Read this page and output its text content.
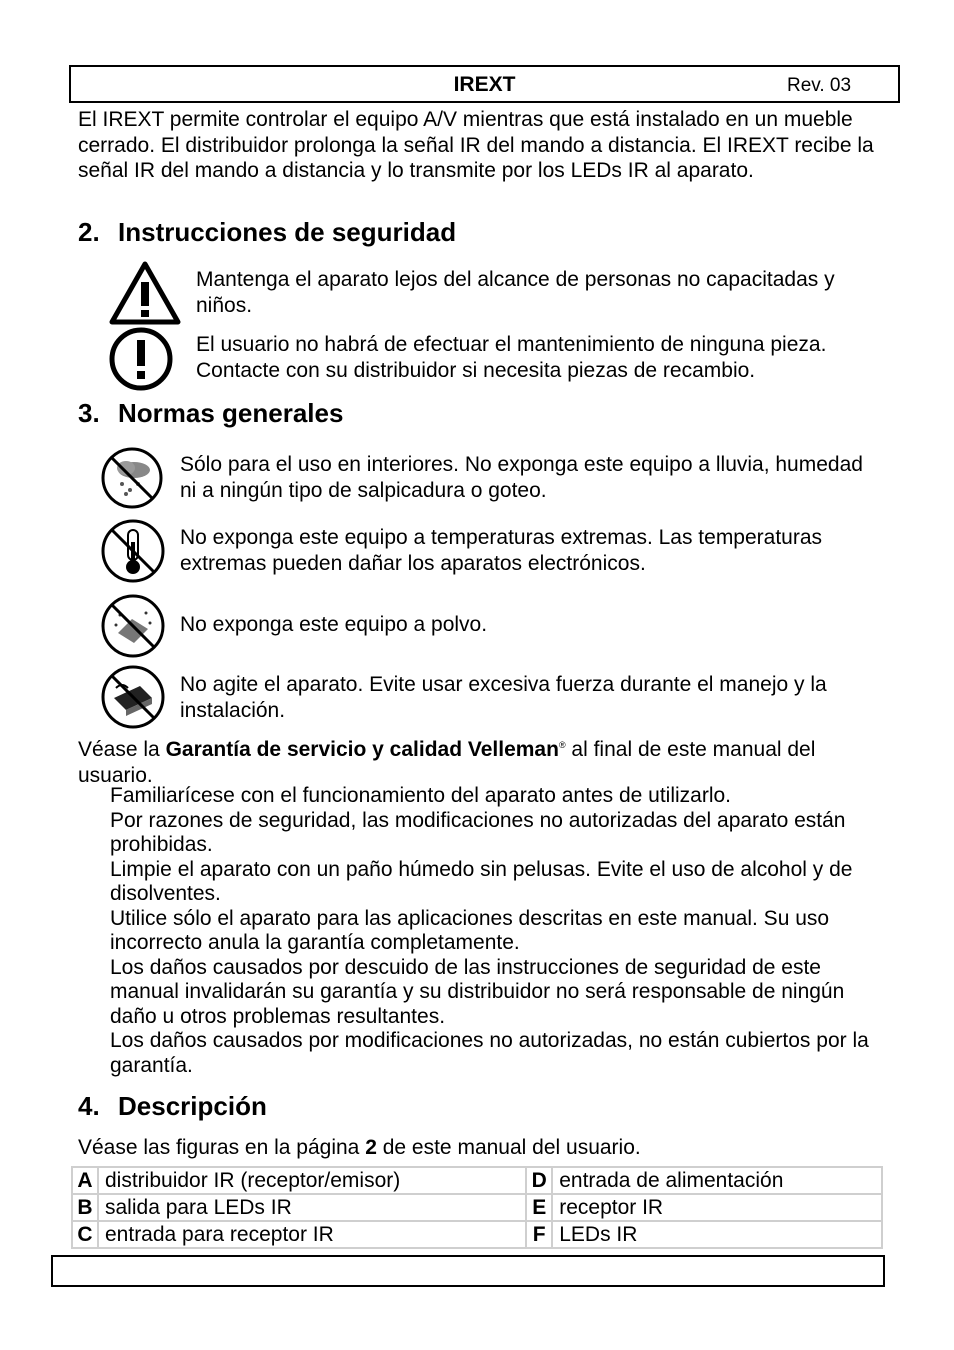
IREXT	Rev. 03
El IREXT permite controlar el equipo A/V mientras que está instalado en un mueble cerrado. El distribuidor prolonga la señal IR del mando a distancia. El IREXT recibe la señal IR del mando a distancia y lo transmite por los LEDs IR al aparato.
2. Instrucciones de seguridad
Mantenga el aparato lejos del alcance de personas no capacitadas y niños.
El usuario no habrá de efectuar el mantenimiento de ninguna pieza. Contacte con su distribuidor si necesita piezas de recambio.
3. Normas generales
Sólo para el uso en interiores. No exponga este equipo a lluvia, humedad ni a ningún tipo de salpicadura o goteo.
No exponga este equipo a temperaturas extremas. Las temperaturas extremas pueden dañar los aparatos electrónicos.
No exponga este equipo a polvo.
No agite el aparato. Evite usar excesiva fuerza durante el manejo y la instalación.
Véase la Garantía de servicio y calidad Velleman® al final de este manual del usuario.
Familiarícese con el funcionamiento del aparato antes de utilizarlo.
Por razones de seguridad, las modificaciones no autorizadas del aparato están prohibidas.
Limpie el aparato con un paño húmedo sin pelusas. Evite el uso de alcohol y de disolventes.
Utilice sólo el aparato para las aplicaciones descritas en este manual. Su uso incorrecto anula la garantía completamente.
Los daños causados por descuido de las instrucciones de seguridad de este manual invalidarán su garantía y su distribuidor no será responsable de ningún daño u otros problemas resultantes.
Los daños causados por modificaciones no autorizadas, no están cubiertos por la garantía.
4. Descripción
Véase las figuras en la página 2 de este manual del usuario.
A	distribuidor IR (receptor/emisor)	D	entrada de alimentación
B	salida para LEDs IR	E	receptor IR
C	entrada para receptor IR	F	LEDs IR
